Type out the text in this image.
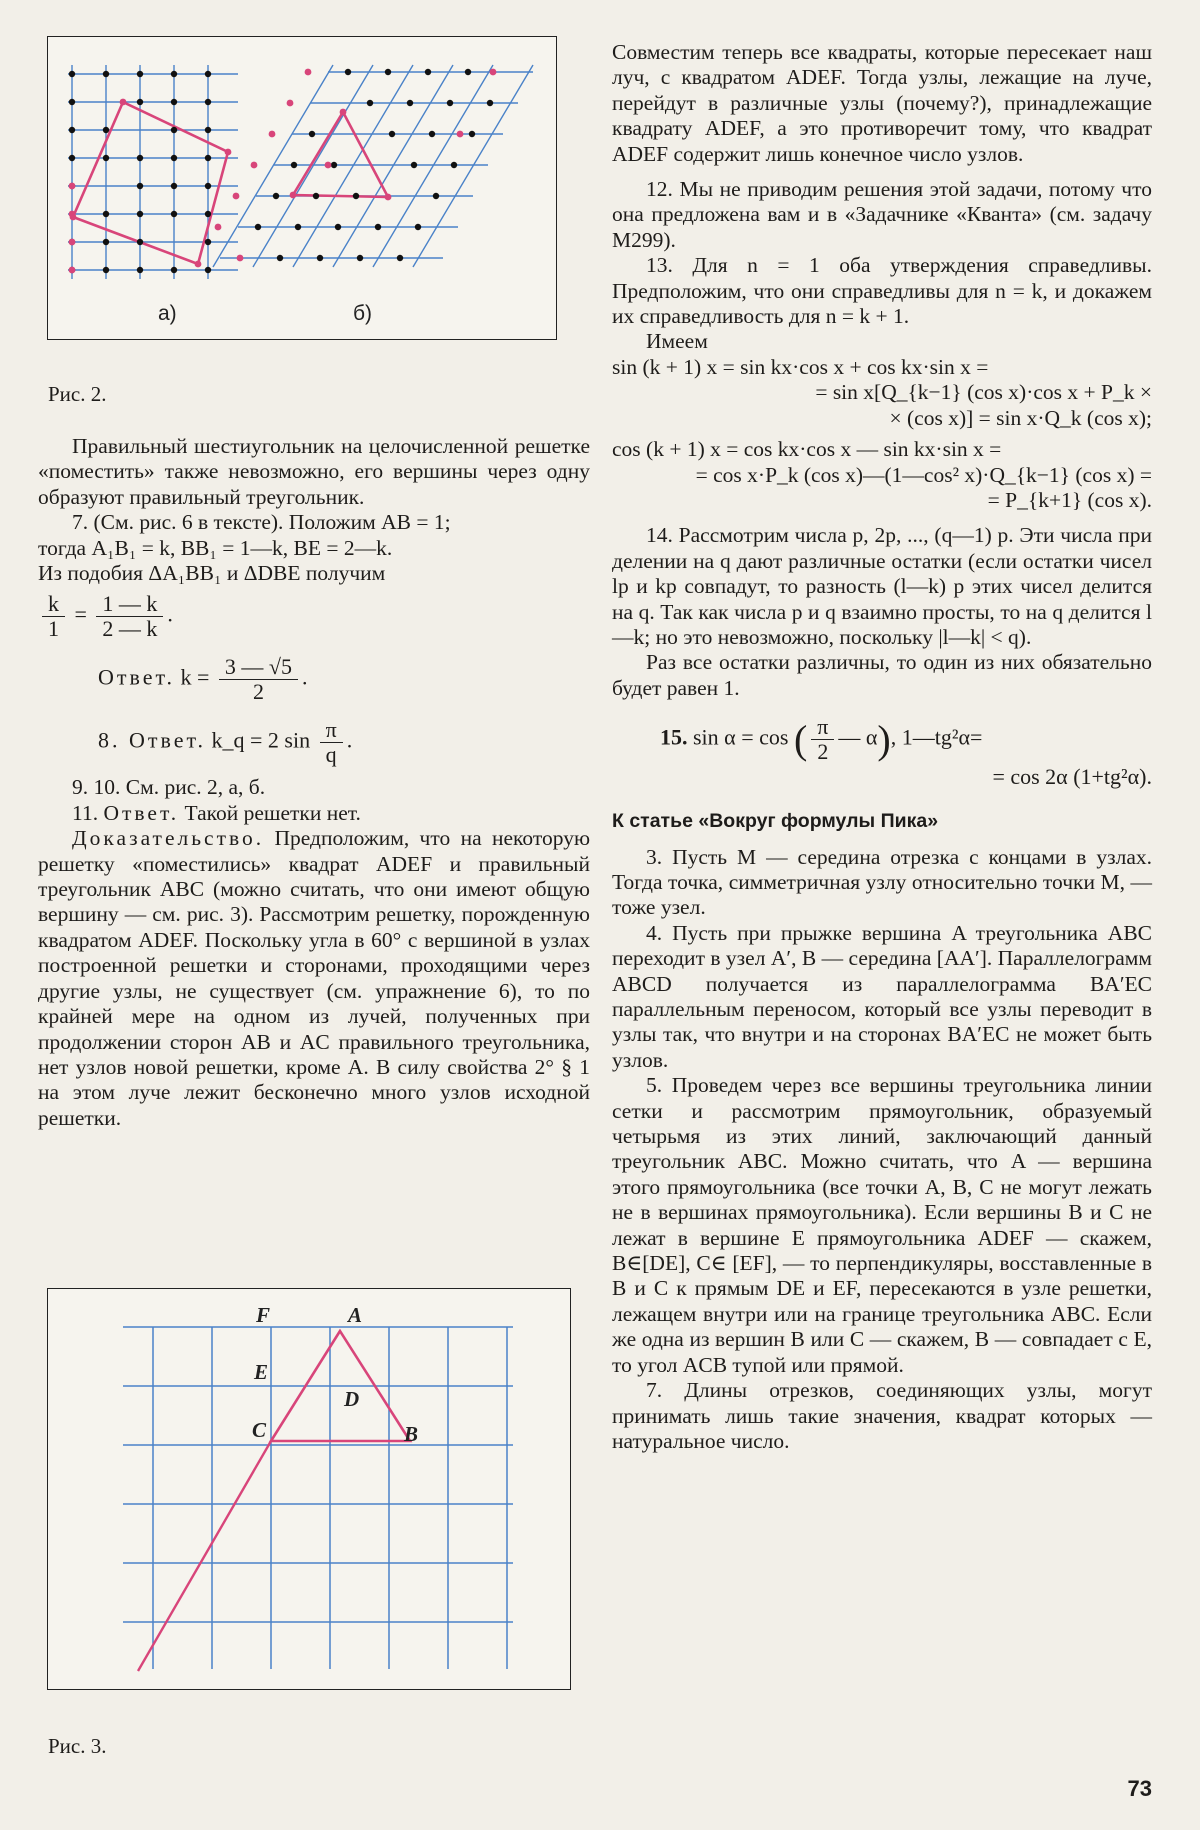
а)	б)
Рис. 2.

Правильный шестиугольник на целочисленной решетке «поместить» также невозможно, его вершины через одну образуют правильный треугольник.

7. (См. рис. 6 в тексте). Положим AB = 1;

тогда A₁B₁ = k, BB₁ = 1—k, BE = 2—k.

Из подобия ΔA₁BB₁ и ΔDBE получим

$\frac{k}{1} = \frac{1 — k}{2 — k}$ .
Ответ. $k = \frac{3 — √5}{2}$ .
8. Ответ. k_q = 2 $\sin \frac{\pi}{q}$ .

9. 10. См. рис. 2, а, б.

11. Ответ. Такой решетки нет.

Доказательство. Предположим, что на некоторую решетку «поместились» квадрат ADEF и правильный треугольник ABC (можно считать, что они имеют общую вершину — см. рис. 3). Рассмотрим решетку, порожденную квадратом ADEF. Поскольку угла в 60° с вершиной в узлах построенной решетки и сторонами, проходящими через другие узлы, не существует (см. упражнение 6), то по крайней мере на одном из лучей, полученных при продолжении сторон AB и AC правильного треугольника, нет узлов новой решетки, кроме A. В силу свойства 2° § 1 на этом луче лежит бесконечно много узлов исходной решетки.

F	A
E
D
C	B
Рис. 3.

Совместим теперь все квадраты, которые пересекает наш луч, с квадратом ADEF. Тогда узлы, лежащие на луче, перейдут в различные узлы (почему?), принадлежащие квадрату ADEF, а это противоречит тому, что квадрат ADEF содержит лишь конечное число узлов.

12. Мы не приводим решения этой задачи, потому что она предложена вам и в «Задачнике «Кванта» (см. задачу М299).

13. Для n = 1 оба утверждения справедливы. Предположим, что они справедливы для n = k, и докажем их справедливость для n = k + 1.

Имеем

sin (k + 1) x = sin kx·cos x + cos kx·sin x =
= sin x[Q_{k−1} (cos x)·cos x + P_k ×
× (cos x)] = sin x·Q_k (cos x);
cos (k + 1) x = cos kx·cos x — sin kx·sin x =
= cos x·P_k (cos x)—(1—cos² x)·Q_{k−1} (cos x) =
= P_{k+1} (cos x).

14. Рассмотрим числа p, 2p, ..., (q—1) p. Эти числа при делении на q дают различные остатки (если остатки чисел lp и kp совпадут, то разность (l—k) p этих чисел делится на q. Так как числа p и q взаимно просты, то на q делится l—k; но это невозможно, поскольку |l—k| < q).

Раз все остатки различны, то один из них обязательно будет равен 1.

15. sin α = cos ( $\frac{\pi}{2}$ — α), 1—tg²α=
= cos 2α (1+tg²α).
К статье «Вокруг формулы Пика»

3. Пусть M — середина отрезка с концами в узлах. Тогда точка, симметричная узлу относительно точки M, — тоже узел.

4. Пусть при прыжке вершина A треугольника ABC переходит в узел A′, B — середина [AA′]. Параллелограмм ABCD получается из параллелограмма BA′EC параллельным переносом, который все узлы переводит в узлы так, что внутри и на сторонах BA′EC не может быть узлов.

5. Проведем через все вершины треугольника линии сетки и рассмотрим прямоугольник, образуемый четырьмя из этих линий, заключающий данный треугольник ABC. Можно считать, что A — вершина этого прямоугольника (все точки A, B, C не могут лежать не в вершинах прямоугольника). Если вершины B и C не лежат в вершине E прямоугольника ADEF — скажем, B∈[DE], C∈ [EF], — то перпендикуляры, восставленные в B и C к прямым DE и EF, пересекаются в узле решетки, лежащем внутри или на границе треугольника ABC. Если же одна из вершин B или C — скажем, B — совпадает с E, то угол ACB тупой или прямой.

7. Длины отрезков, соединяющих узлы, могут принимать лишь такие значения, квадрат которых — натуральное число.

73
